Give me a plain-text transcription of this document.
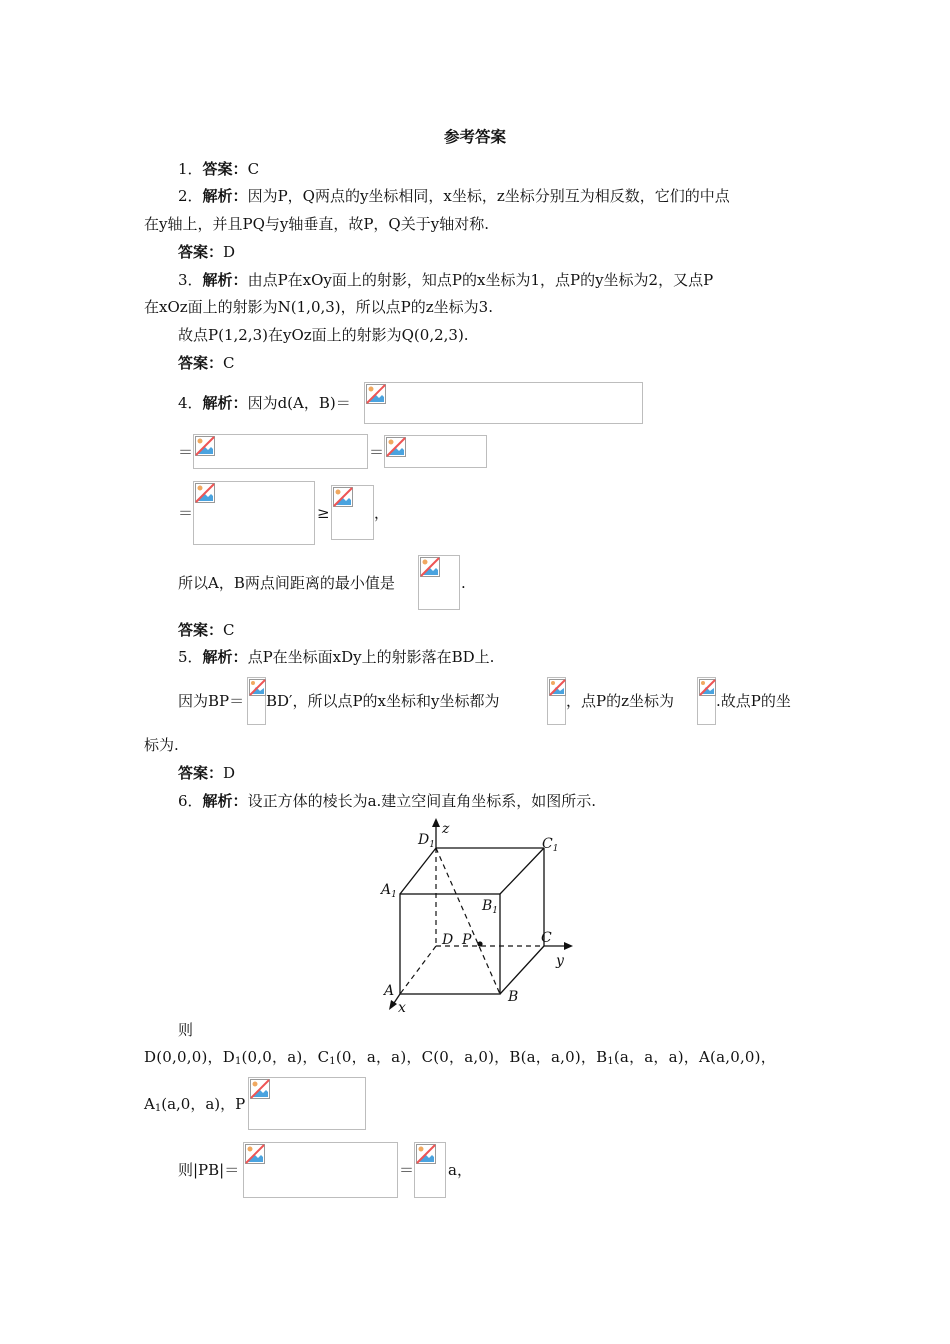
参考答案
1．答案：C
2．解析：因为P，Q两点的y坐标相同，x坐标，z坐标分别互为相反数，它们的中点
在y轴上，并且PQ与y轴垂直，故P，Q关于y轴对称.
答案：D
3．解析：由点P在xOy面上的射影，知点P的x坐标为1，点P的y坐标为2，又点P
在xOz面上的射影为N(1,0,3)，所以点P的z坐标为3.
故点P(1,2,3)在yOz面上的射影为Q(0,2,3).
答案：C
4．解析：因为d(A，B)＝
＝	＝
＝	≥	，
所以A，B两点间距离的最小值是	.
答案：C
5．解析：点P在坐标面xDy上的射影落在BD上.
因为BP＝ BD′，所以点P的x坐标和y坐标都为	，点P的z坐标为	.故点P的坐
标为.
答案：D
6．解析：设正方体的棱长为a.建立空间直角坐标系，如图所示.
$D_1$
z
$C_1$
$A_1$
$B_1$
D P	C
y
A	B
x
则
D(0,0,0)，$D_1(0,0$，a)，$C_1(0$，a，a)，C(0，a,0)，B(a，a,0)，$B_1(a$，a，a)，A(a,0,0)，
$A_1(a,0$，a)，P
则|PB|＝	＝ a，
